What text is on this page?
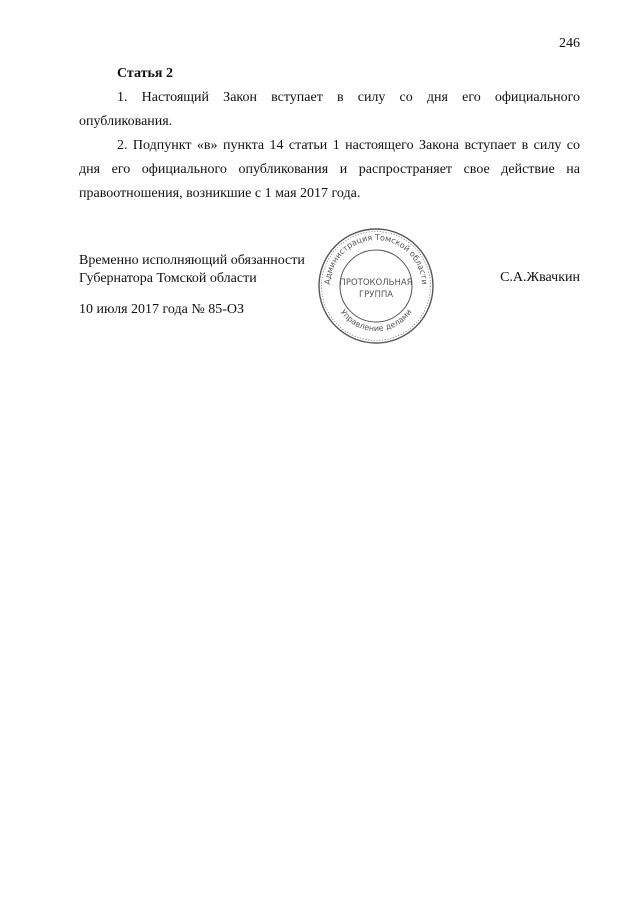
246
Статья 2

1. Настоящий Закон вступает в силу со дня его официального опубликования.

2. Подпункт «в» пункта 14 статьи 1 настоящего Закона вступает в силу со дня его официального опубликования и распространяет свое действие на правоотношения, возникшие с 1 мая 2017 года.

Временно исполняющий обязанности
Губернатора Томской области	С.А.Жвачкин
10 июля 2017 года № 85-ОЗ
Администрация Томской области
Управление делами
ПРОТОКОЛЬНАЯ
ГРУППА
